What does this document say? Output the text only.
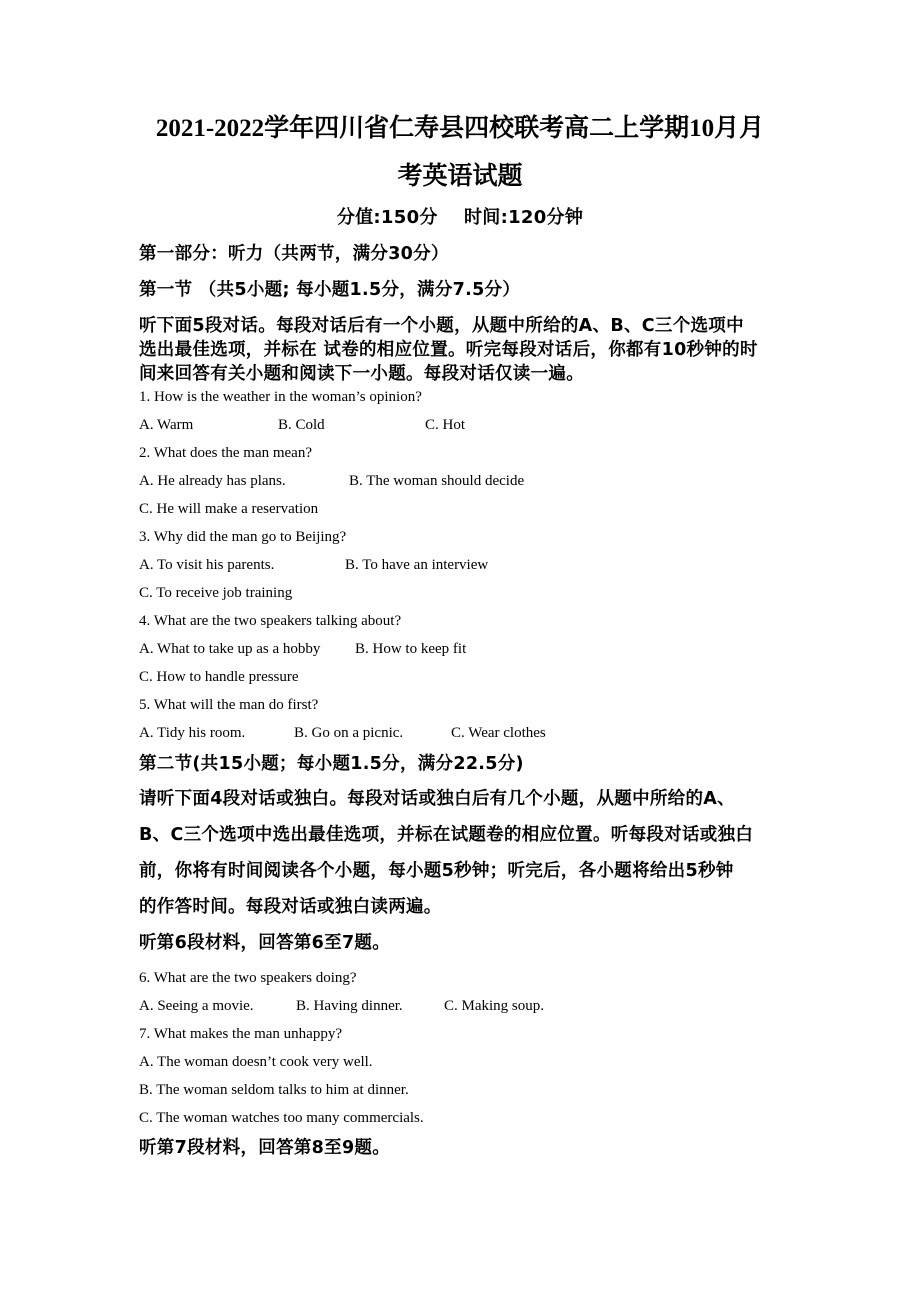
2021-2022学年四川省仁寿县四校联考高二上学期10月月
考英语试题
分值:150分 时间:120分钟
第一部分：听力（共两节，满分30分）
第一节 （共5小题; 每小题1.5分，满分7.5分）
听下面5段对话。每段对话后有一个小题，从题中所给的A、B、C三个选项中
选出最佳选项，并标在 试卷的相应位置。听完每段对话后，你都有10秒钟的时
间来回答有关小题和阅读下一小题。每段对话仅读一遍。
1. How is the weather in the woman’s opinion?
A. Warm	B. Cold	C. Hot
2. What does the man mean?
A. He already has plans.	B. The woman should decide
C. He will make a reservation
3. Why did the man go to Beijing?
A. To visit his parents.	B. To have an interview
C. To receive job training
4. What are the two speakers talking about?
A. What to take up as a hobby B. How to keep fit
C. How to handle pressure
5. What will the man do first?
A. Tidy his room.	B. Go on a picnic.	C. Wear clothes
第二节(共15小题；每小题1.5分，满分22.5分)
请听下面4段对话或独白。每段对话或独白后有几个小题，从题中所给的A、
B、C三个选项中选出最佳选项，并标在试题卷的相应位置。听每段对话或独白
前，你将有时间阅读各个小题，每小题5秒钟；听完后，各小题将给出5秒钟
的作答时间。每段对话或独白读两遍。
听第6段材料，回答第6至7题。
6. What are the two speakers doing?
A. Seeing a movie.	B. Having dinner.	C. Making soup.
7. What makes the man unhappy?
A. The woman doesn’t cook very well.
B. The woman seldom talks to him at dinner.
C. The woman watches too many commercials.
听第7段材料，回答第8至9题。
